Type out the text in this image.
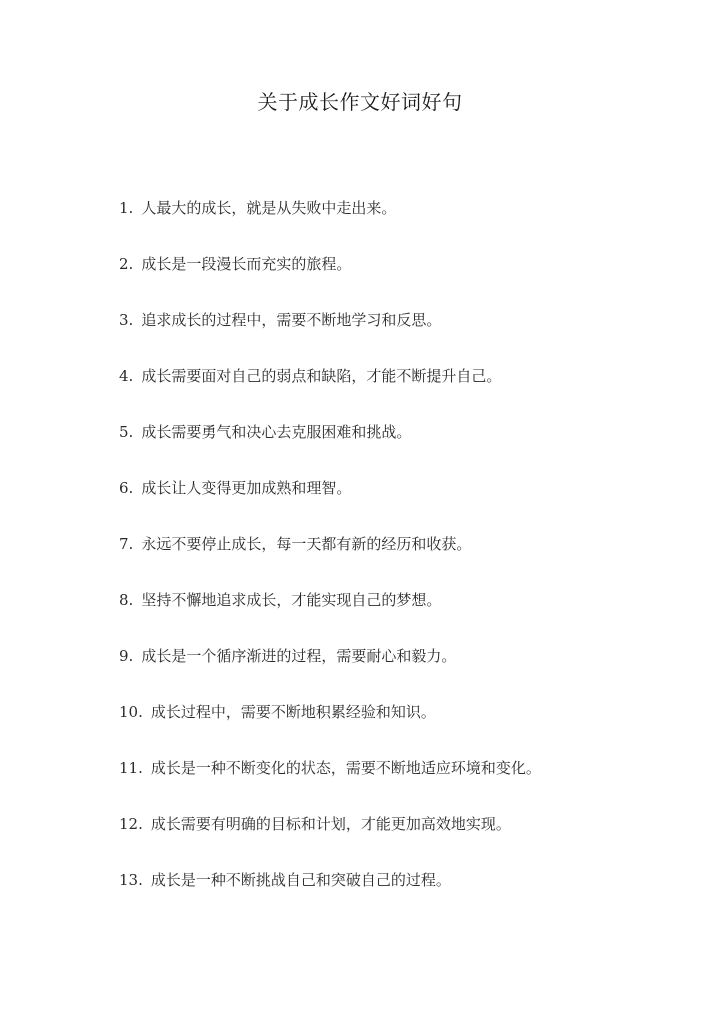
关于成长作文好词好句
1. 人最大的成长，就是从失败中走出来。
2. 成长是一段漫长而充实的旅程。
3. 追求成长的过程中，需要不断地学习和反思。
4. 成长需要面对自己的弱点和缺陷，才能不断提升自己。
5. 成长需要勇气和决心去克服困难和挑战。
6. 成长让人变得更加成熟和理智。
7. 永远不要停止成长，每一天都有新的经历和收获。
8. 坚持不懈地追求成长，才能实现自己的梦想。
9. 成长是一个循序渐进的过程，需要耐心和毅力。
10. 成长过程中，需要不断地积累经验和知识。
11. 成长是一种不断变化的状态，需要不断地适应环境和变化。
12. 成长需要有明确的目标和计划，才能更加高效地实现。
13. 成长是一种不断挑战自己和突破自己的过程。
